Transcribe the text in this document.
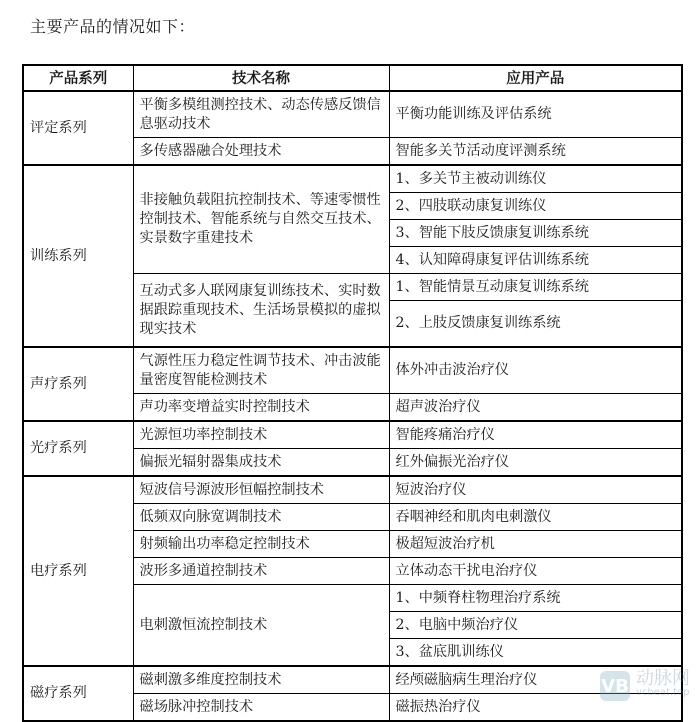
主要产品的情况如下：
产品系列	技术名称	应用产品
评定系列	平衡多模组测控技术、动态传感反馈信息驱动技术	平衡功能训练及评估系统
	多传感器融合处理技术	智能多关节活动度评测系统
训练系列	非接触负载阻抗控制技术、等速零惯性控制技术、智能系统与自然交互技术、实景数字重建技术	1、多关节主被动训练仪
		2、四肢联动康复训练仪
		3、智能下肢反馈康复训练系统
		4、认知障碍康复评估训练系统
	互动式多人联网康复训练技术、实时数据跟踪重现技术、生活场景模拟的虚拟现实技术	1、智能情景互动康复训练系统
		2、上肢反馈康复训练系统
声疗系列	气源性压力稳定性调节技术、冲击波能量密度智能检测技术	体外冲击波治疗仪
	声功率变增益实时控制技术	超声波治疗仪
光疗系列	光源恒功率控制技术	智能疼痛治疗仪
	偏振光辐射器集成技术	红外偏振光治疗仪
电疗系列	短波信号源波形恒幅控制技术	短波治疗仪
	低频双向脉宽调制技术	吞咽神经和肌肉电刺激仪
	射频输出功率稳定控制技术	极超短波治疗机
	波形多通道控制技术	立体动态干扰电治疗仪
	电刺激恒流控制技术	1、中频脊柱物理治疗系统
		2、电脑中频治疗仪
		3、盆底肌训练仪
磁疗系列	磁刺激多维度控制技术	经颅磁脑病生理治疗仪
	磁场脉冲控制技术	磁振热治疗仪
VB 动脉网
vcbeat.top
